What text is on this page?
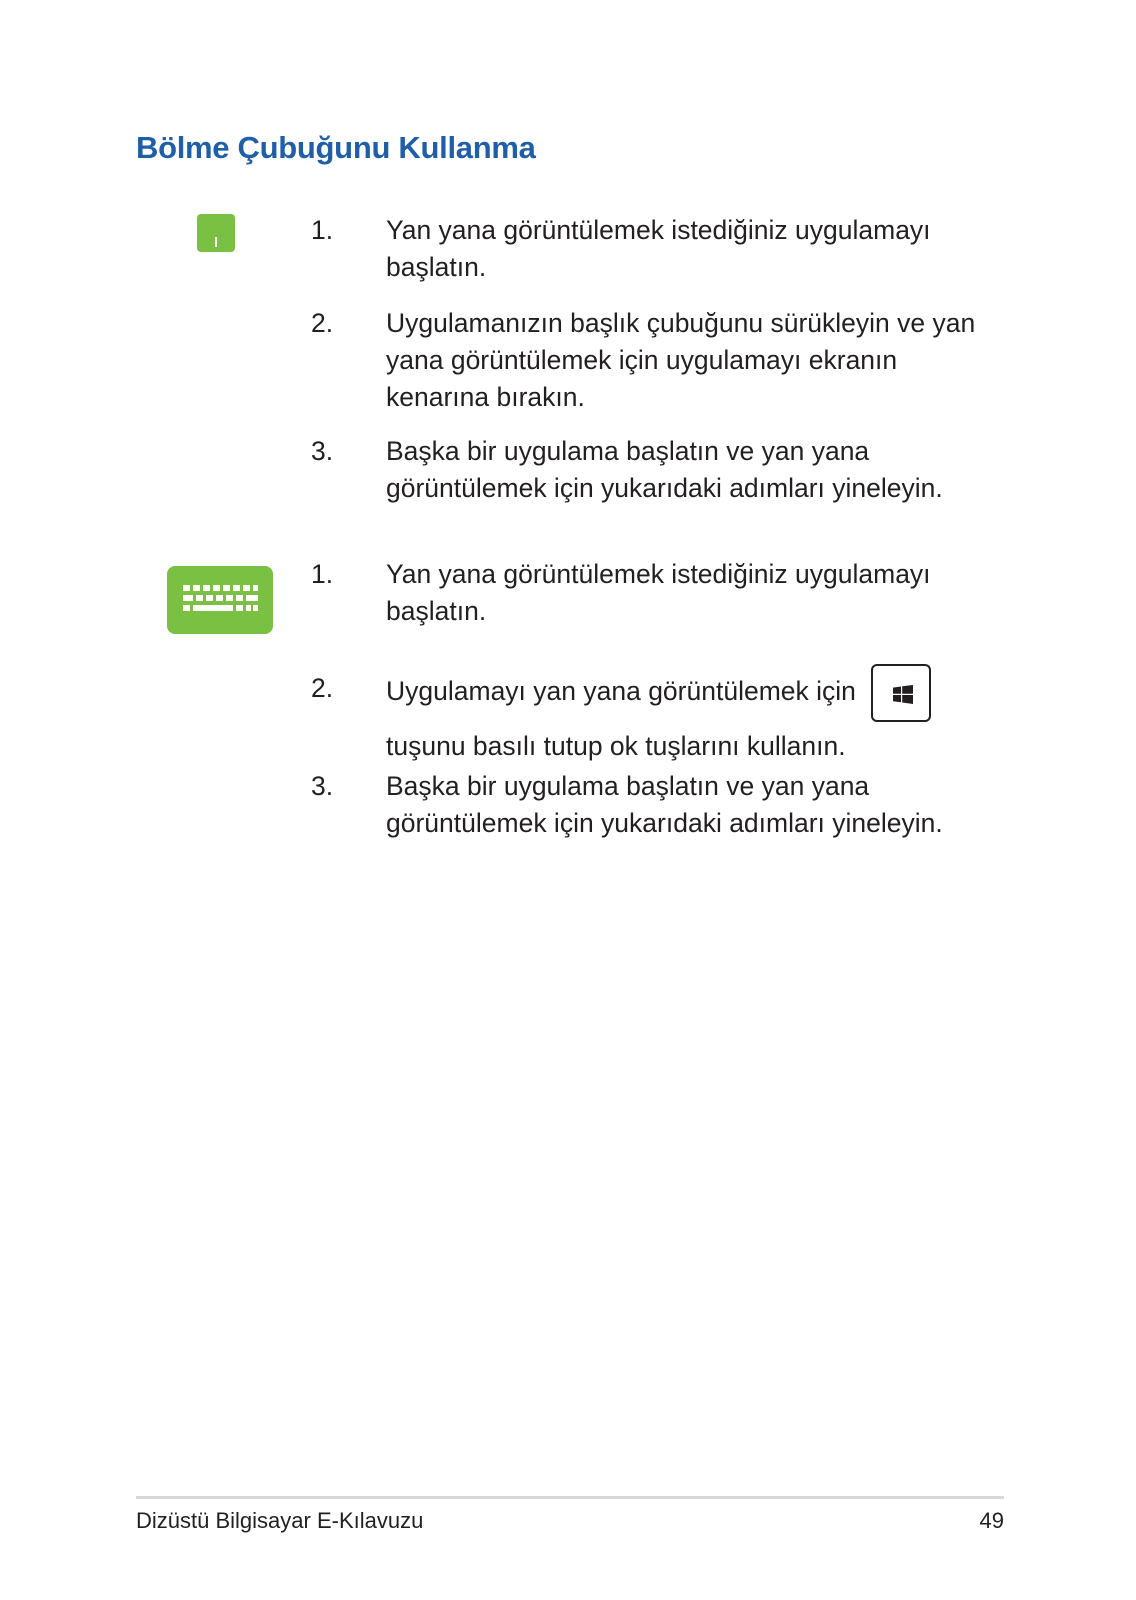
Bölme Çubuğunu Kullanma
1. Yan yana görüntülemek istediğiniz uygulamayı başlatın.
2. Uygulamanızın başlık çubuğunu sürükleyin ve yan yana görüntülemek için uygulamayı ekranın kenarına bırakın.
3. Başka bir uygulama başlatın ve yan yana görüntülemek için yukarıdaki adımları yineleyin.
1. Yan yana görüntülemek istediğiniz uygulamayı başlatın.
2. Uygulamayı yan yana görüntülemek için

tuşunu basılı tutup ok tuşlarını kullanın.
3. Başka bir uygulama başlatın ve yan yana görüntülemek için yukarıdaki adımları yineleyin.
Dizüstü Bilgisayar E-Kılavuzu	49
